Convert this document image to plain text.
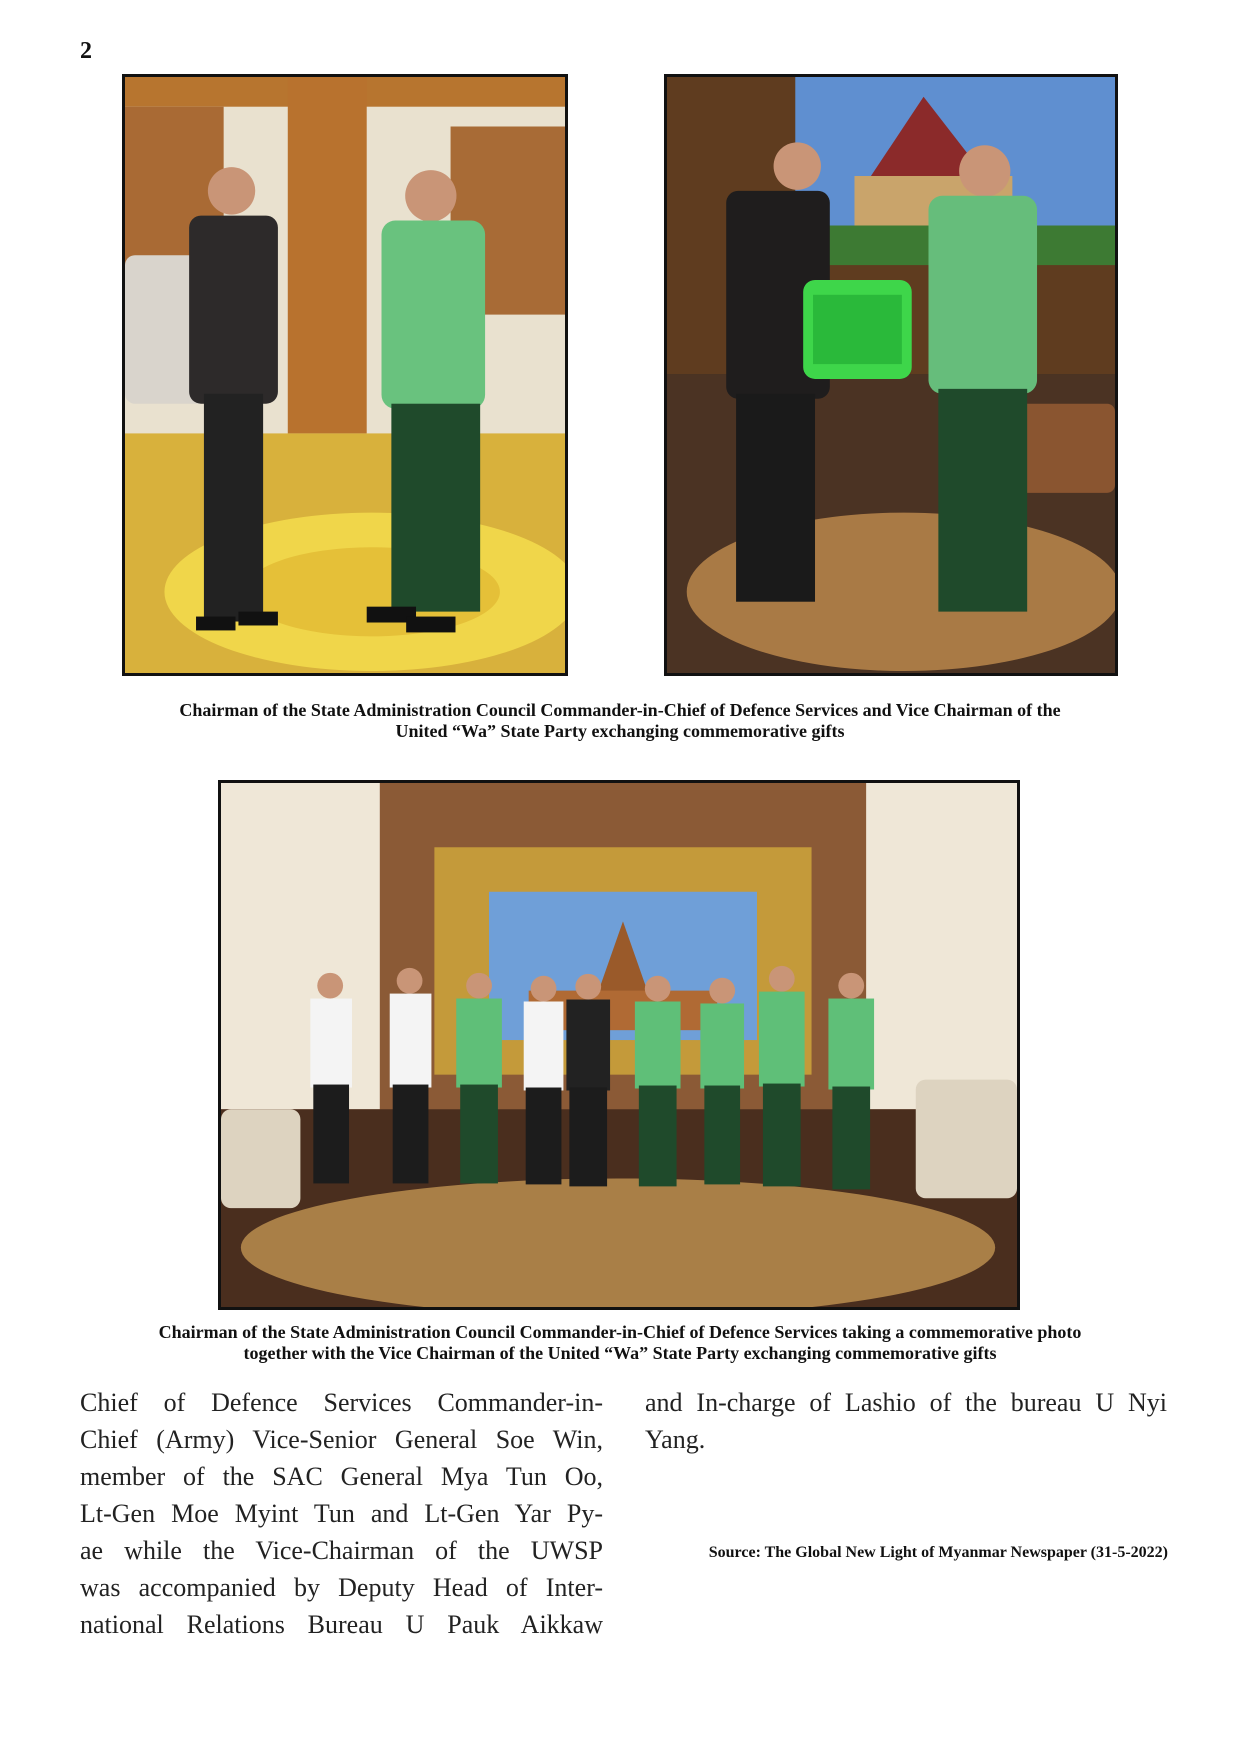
2
Chairman of the State Administration Council Commander-in-Chief of Defence Services and Vice Chairman of the
United “Wa” State Party exchanging commemorative gifts
Chairman of the State Administration Council Commander-in-Chief of Defence Services taking a commemorative photo
together with the Vice Chairman of the United “Wa” State Party exchanging commemorative gifts
Chief of Defence Services Commander-in-
Chief (Army) Vice-Senior General Soe Win,
member of the SAC General Mya Tun Oo,
Lt-Gen Moe Myint Tun and Lt-Gen Yar Py-
ae while the Vice-Chairman of the UWSP
was accompanied by Deputy Head of Inter-
national Relations Bureau U Pauk Aikkaw
and In-charge of Lashio of the bureau U Nyi
Yang.
Source: The Global New Light of Myanmar Newspaper (31-5-2022)
